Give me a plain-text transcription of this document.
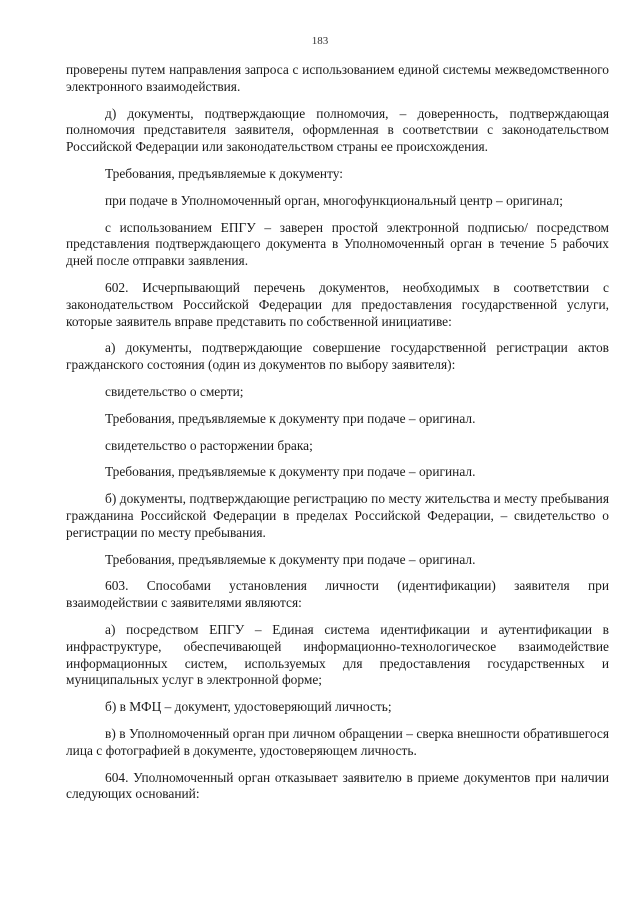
183

проверены путем направления запроса с использованием единой системы межведомственного электронного взаимодействия.

д) документы, подтверждающие полномочия, – доверенность, подтверждающая полномочия представителя заявителя, оформленная в соответствии с законодательством Российской Федерации или законодательством страны ее происхождения.

Требования, предъявляемые к документу:

при подаче в Уполномоченный орган, многофункциональный центр – оригинал;

с использованием ЕПГУ – заверен простой электронной подписью/ посредством представления подтверждающего документа в Уполномоченный орган в течение 5 рабочих дней после отправки заявления.

602. Исчерпывающий перечень документов, необходимых в соответствии с законодательством Российской Федерации для предоставления государственной услуги, которые заявитель вправе представить по собственной инициативе:

а) документы, подтверждающие совершение государственной регистрации актов гражданского состояния (один из документов по выбору заявителя):

свидетельство о смерти;

Требования, предъявляемые к документу при подаче – оригинал.

свидетельство о расторжении брака;

Требования, предъявляемые к документу при подаче – оригинал.

б) документы, подтверждающие регистрацию по месту жительства и месту пребывания гражданина Российской Федерации в пределах Российской Федерации, – свидетельство о регистрации по месту пребывания.

Требования, предъявляемые к документу при подаче – оригинал.

603. Способами установления личности (идентификации) заявителя при взаимодействии с заявителями являются:

а) посредством ЕПГУ – Единая система идентификации и аутентификации в инфраструктуре, обеспечивающей информационно-технологическое взаимодействие информационных систем, используемых для предоставления государственных и муниципальных услуг в электронной форме;

б) в МФЦ – документ, удостоверяющий личность;

в) в Уполномоченный орган при личном обращении – сверка внешности обратившегося лица с фотографией в документе, удостоверяющем личность.

604. Уполномоченный орган отказывает заявителю в приеме документов при наличии следующих оснований:
